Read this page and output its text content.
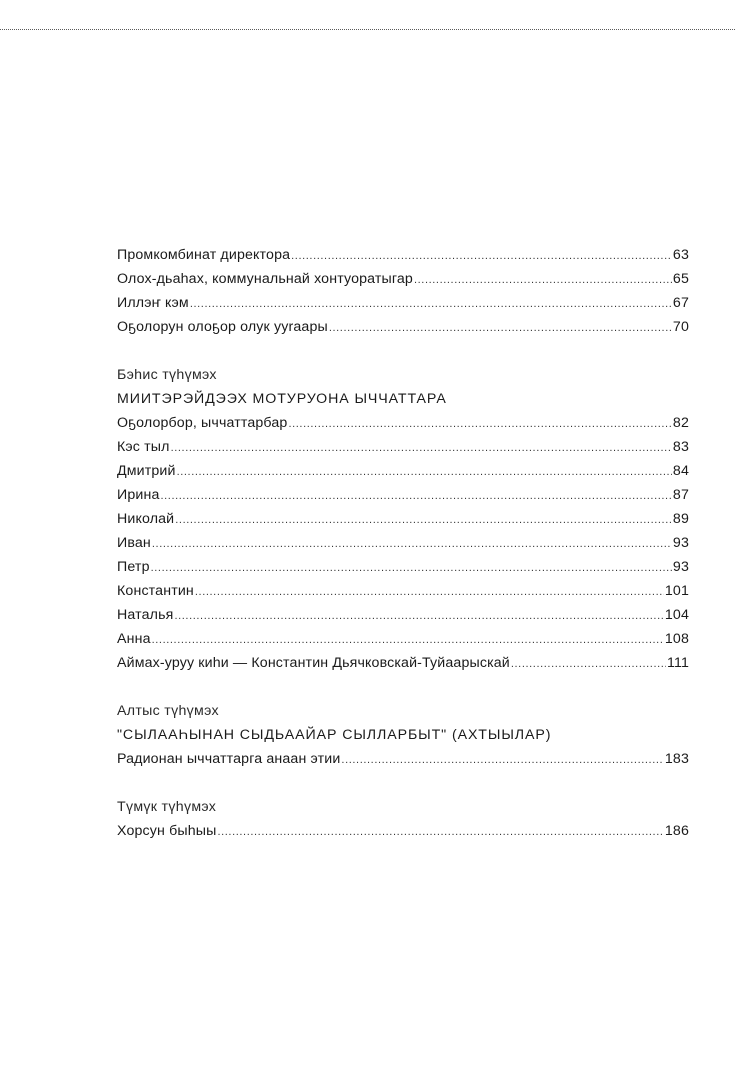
Промкомбинат директора .....	63
Олох-дьаһах, коммунальнай хонтуоратыгар .....	65
Иллэҥ кэм .....	67
Оҕолорун олоҕор олук ууraары .....	70
Бэһис түһүмэх
МИИТЭРЭЙДЭЭХ МОТУРУОНА ЫЧЧАТТАРА
Оҕолорбор, ыччаттарбар .....	82
Кэс тыл .....	83
Дмитрий .....	84
Ирина .....	87
Николай .....	89
Иван .....	93
Петр .....	93
Константин .....	101
Наталья .....	104
Анна .....	108
Аймах-уруу киһи — Константин Дьячковскай-Туйаарыскай .....	111
Алтыс түһүмэх
"СЫЛААҺЫНАН СЫДЬААЙАР СЫЛЛАРБЫТ" (АХТЫЫЛАР)
Радионан ыччаттарга анаан этии .....	183
Түмүк түһүмэх
Хорсун быһыы .....	186
